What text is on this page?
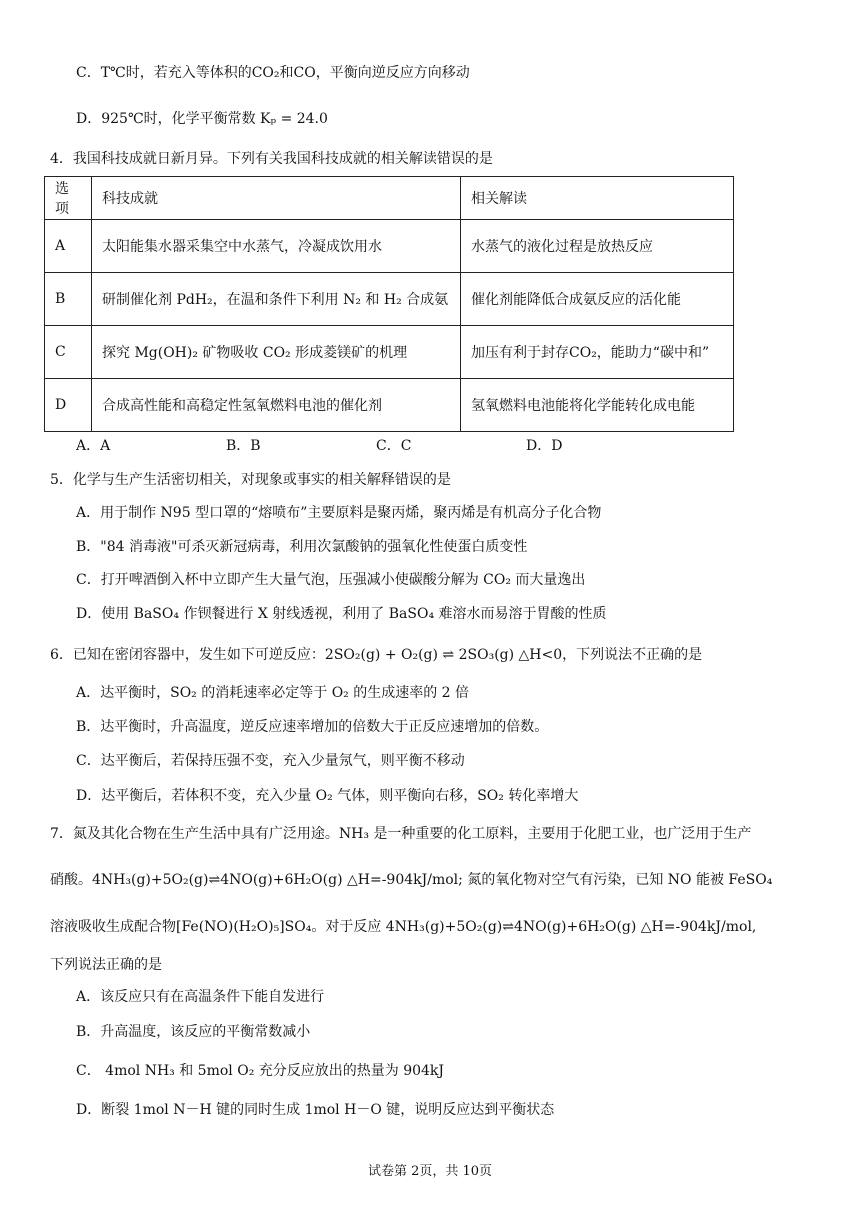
C．T℃时，若充入等体积的CO₂和CO，平衡向逆反应方向移动
D．925℃时，化学平衡常数 Kₚ = 24.0
4．我国科技成就日新月异。下列有关我国科技成就的相关解读错误的是
选项	科技成就	相关解读
A	太阳能集水器采集空中水蒸气，冷凝成饮用水	水蒸气的液化过程是放热反应
B	研制催化剂 PdH₂，在温和条件下利用 N₂ 和 H₂ 合成氨	催化剂能降低合成氨反应的活化能
C	探究 Mg(OH)₂ 矿物吸收 CO₂ 形成菱镁矿的机理	加压有利于封存CO₂，能助力“碳中和”
D	合成高性能和高稳定性氢氧燃料电池的催化剂	氢氧燃料电池能将化学能转化成电能
A．A	B．B	C．C	D．D
5．化学与生产生活密切相关，对现象或事实的相关解释错误的是
A．用于制作 N95 型口罩的“熔喷布”主要原料是聚丙烯，聚丙烯是有机高分子化合物
B．"84 消毒液"可杀灭新冠病毒，利用次氯酸钠的强氧化性使蛋白质变性
C．打开啤酒倒入杯中立即产生大量气泡，压强减小使碳酸分解为 CO₂ 而大量逸出
D．使用 BaSO₄ 作钡餐进行 X 射线透视，利用了 BaSO₄ 难溶水而易溶于胃酸的性质
6．已知在密闭容器中，发生如下可逆反应：2SO₂(g) + O₂(g) ⇌ 2SO₃(g) △H<0，下列说法不正确的是
A．达平衡时，SO₂ 的消耗速率必定等于 O₂ 的生成速率的 2 倍
B．达平衡时，升高温度，逆反应速率增加的倍数大于正反应速增加的倍数。
C．达平衡后，若保持压强不变，充入少量氖气，则平衡不移动
D．达平衡后，若体积不变，充入少量 O₂ 气体，则平衡向右移，SO₂ 转化率增大
7．氮及其化合物在生产生活中具有广泛用途。NH₃ 是一种重要的化工原料，主要用于化肥工业，也广泛用于生产
硝酸。4NH₃(g)+5O₂(g)⇌4NO(g)+6H₂O(g) △H=-904kJ/mol; 氮的氧化物对空气有污染，已知 NO 能被 FeSO₄
溶液吸收生成配合物[Fe(NO)(H₂O)₅]SO₄。对于反应 4NH₃(g)+5O₂(g)⇌4NO(g)+6H₂O(g) △H=-904kJ/mol,
下列说法正确的是
A．该反应只有在高温条件下能自发进行
B．升高温度，该反应的平衡常数减小
C． 4mol NH₃ 和 5mol O₂ 充分反应放出的热量为 904kJ
D．断裂 1mol N－H 键的同时生成 1mol H－O 键，说明反应达到平衡状态
试卷第 2页，共 10页
